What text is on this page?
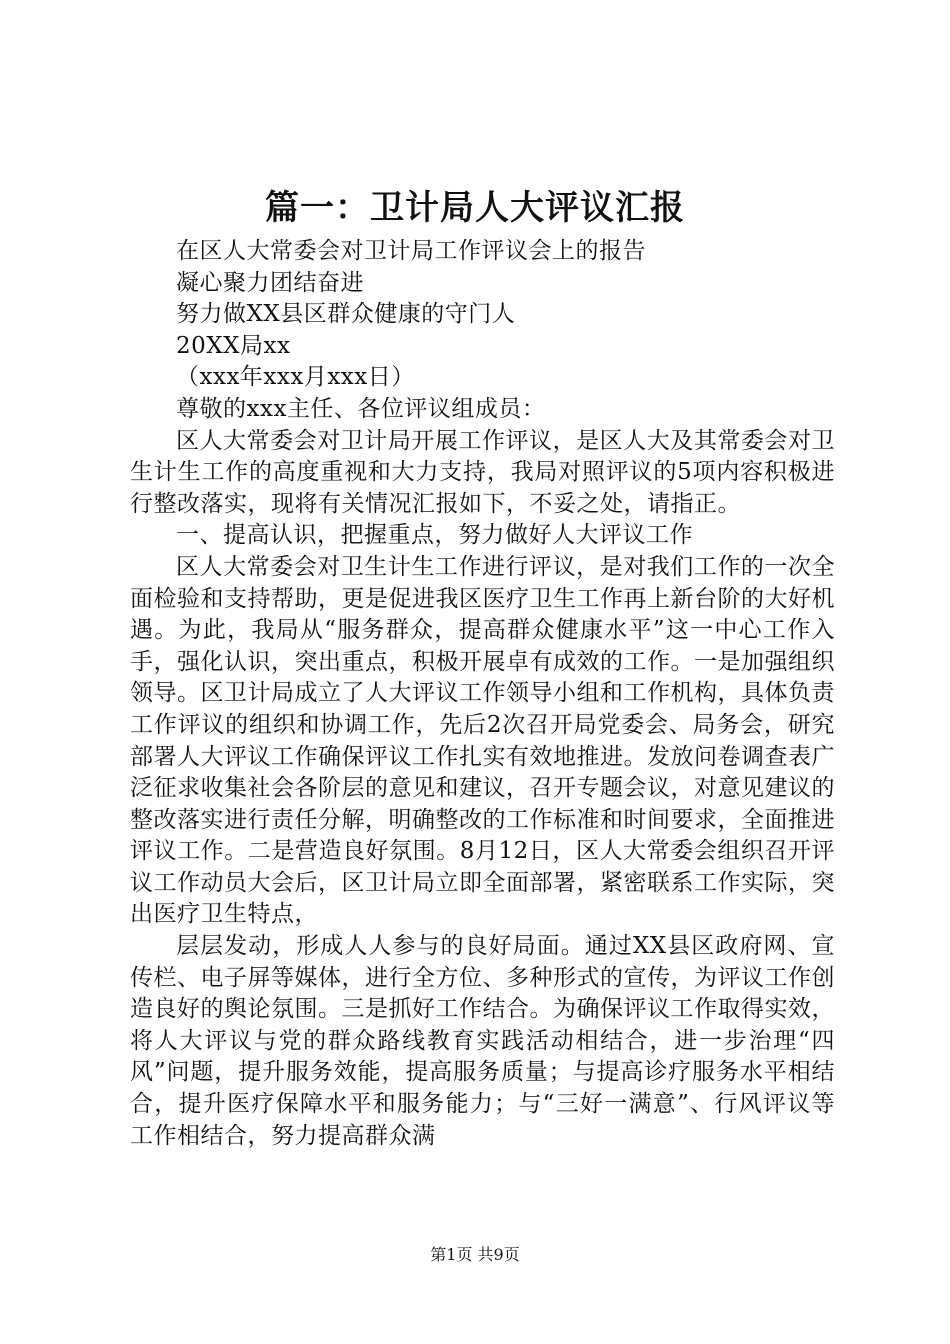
篇一：卫计局人大评议汇报
在区人大常委会对卫计局工作评议会上的报告
凝心聚力团结奋进
努力做XX县区群众健康的守门人
20XX局xx
（xxx年xxx月xxx日）
尊敬的xxx主任、各位评议组成员：
区人大常委会对卫计局开展工作评议，是区人大及其常委会对卫生计生工作的高度重视和大力支持，我局对照评议的5项内容积极进行整改落实，现将有关情况汇报如下，不妥之处，请指正。
一、提高认识，把握重点，努力做好人大评议工作
区人大常委会对卫生计生工作进行评议，是对我们工作的一次全面检验和支持帮助，更是促进我区医疗卫生工作再上新台阶的大好机遇。为此，我局从“服务群众，提高群众健康水平”这一中心工作入手，强化认识，突出重点，积极开展卓有成效的工作。一是加强组织领导。区卫计局成立了人大评议工作领导小组和工作机构，具体负责工作评议的组织和协调工作，先后2次召开局党委会、局务会，研究部署人大评议工作确保评议工作扎实有效地推进。发放问卷调查表广泛征求收集社会各阶层的意见和建议，召开专题会议，对意见建议的整改落实进行责任分解，明确整改的工作标准和时间要求，全面推进评议工作。二是营造良好氛围。8月12日，区人大常委会组织召开评议工作动员大会后，区卫计局立即全面部署，紧密联系工作实际，突出医疗卫生特点，
层层发动，形成人人参与的良好局面。通过XX县区政府网、宣传栏、电子屏等媒体，进行全方位、多种形式的宣传，为评议工作创造良好的舆论氛围。三是抓好工作结合。为确保评议工作取得实效，将人大评议与党的群众路线教育实践活动相结合，进一步治理“四风”问题，提升服务效能，提高服务质量；与提高诊疗服务水平相结合，提升医疗保障水平和服务能力；与“三好一满意”、行风评议等工作相结合，努力提高群众满
第1页 共9页
